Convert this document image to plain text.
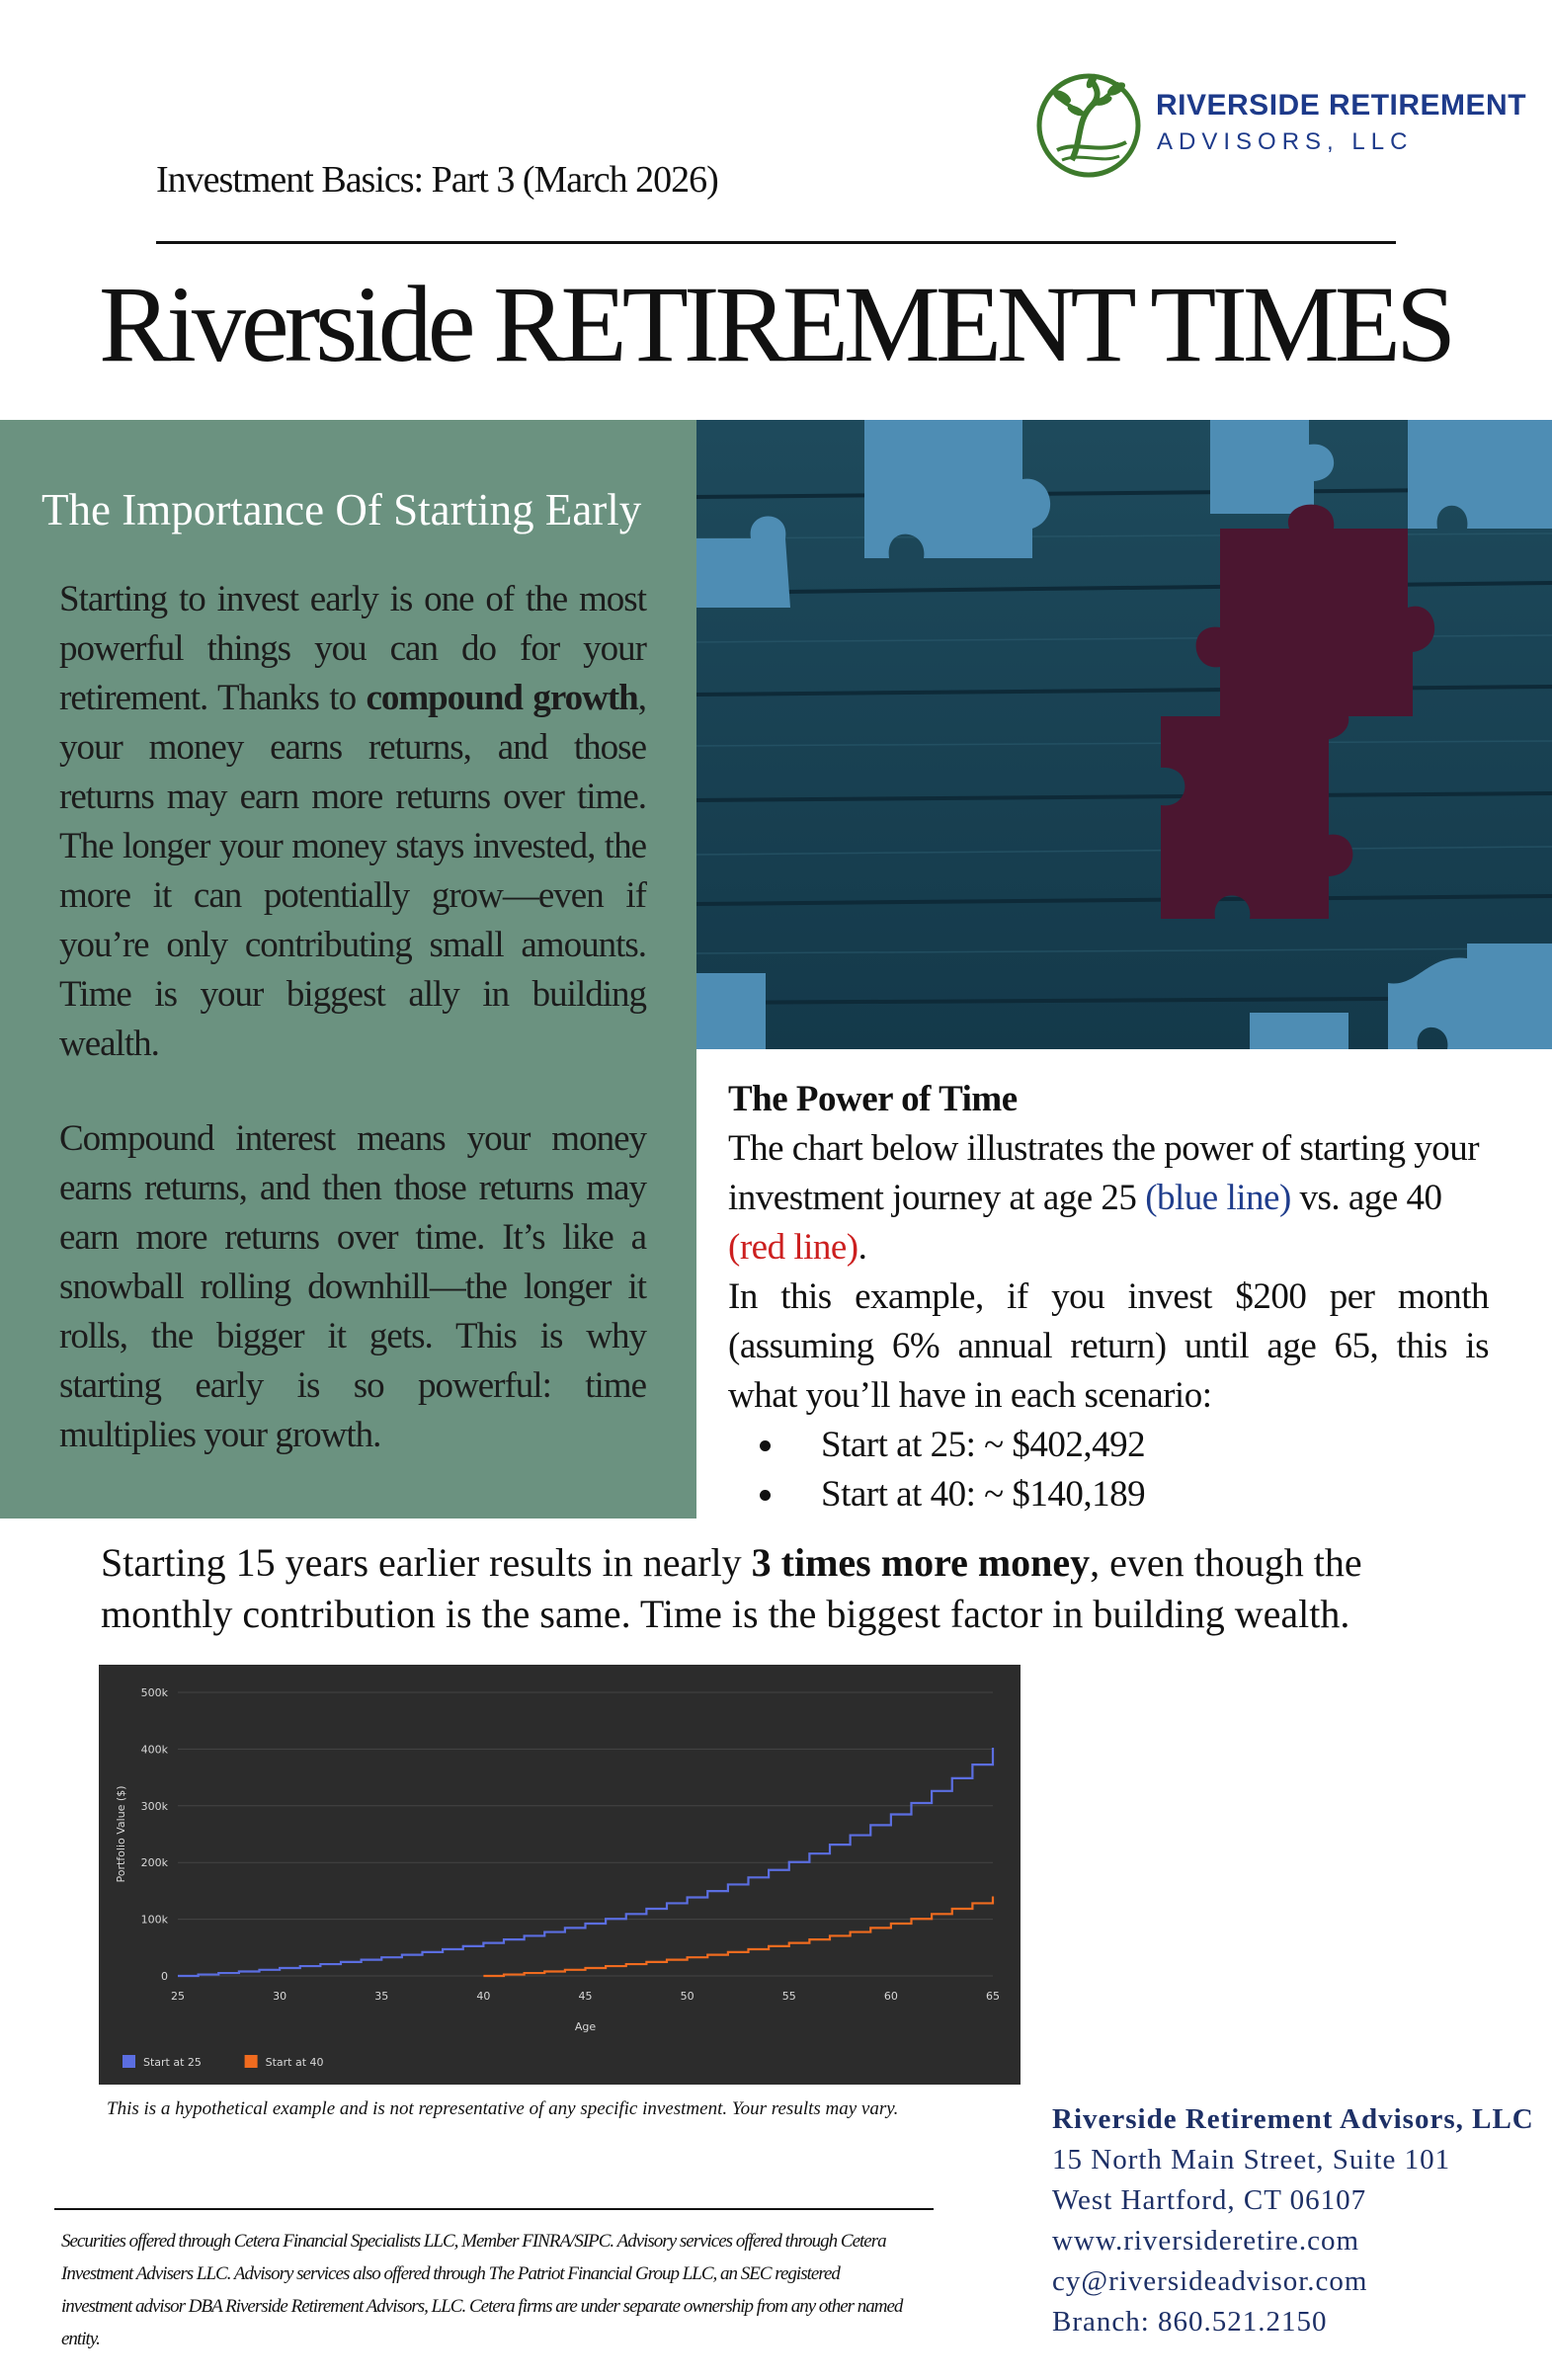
RIVERSIDE RETIREMENT
ADVISORS, LLC
Investment Basics: Part 3 (March 2026)
Riverside RETIREMENT TIMES
The Importance Of Starting Early
Starting to invest early is one of the most powerful things you can do for your retirement. Thanks to compound growth, your money earns returns, and those returns may earn more returns over time. The longer your money stays invested, the more it can potentially grow—even if you’re only contributing small amounts. Time is your biggest ally in building wealth.
Compound interest means your money earns returns, and then those returns may earn more returns over time. It’s like a snowball rolling downhill—the longer it rolls, the bigger it gets. This is why starting early is so powerful: time multiplies your growth.
The Power of Time
The chart below illustrates the power of starting your investment journey at age 25 (blue line) vs. age 40 (red line).
In this example, if you invest $200 per month (assuming 6% annual return) until age 65, this is what you’ll have in each scenario:
• Start at 25: ~ $402,492
• Start at 40: ~ $140,189
Starting 15 years earlier results in nearly 3 times more money, even though the monthly contribution is the same. Time is the biggest factor in building wealth.
0
100k
200k
300k
400k
500k
25	30	35	40	45	50	55	60	65
Age
Portfolio Value ($)
Start at 25	Start at 40
This is a hypothetical example and is not representative of any specific investment. Your results may vary.
Securities offered through Cetera Financial Specialists LLC, Member FINRA/SIPC. Advisory services offered through Cetera Investment Advisers LLC. Advisory services also offered through The Patriot Financial Group LLC, an SEC registered investment advisor DBA Riverside Retirement Advisors, LLC. Cetera firms are under separate ownership from any other named entity.
Riverside Retirement Advisors, LLC
15 North Main Street, Suite 101
West Hartford, CT 06107
www.riversideretire.com
cy@riversideadvisor.com
Branch: 860.521.2150
